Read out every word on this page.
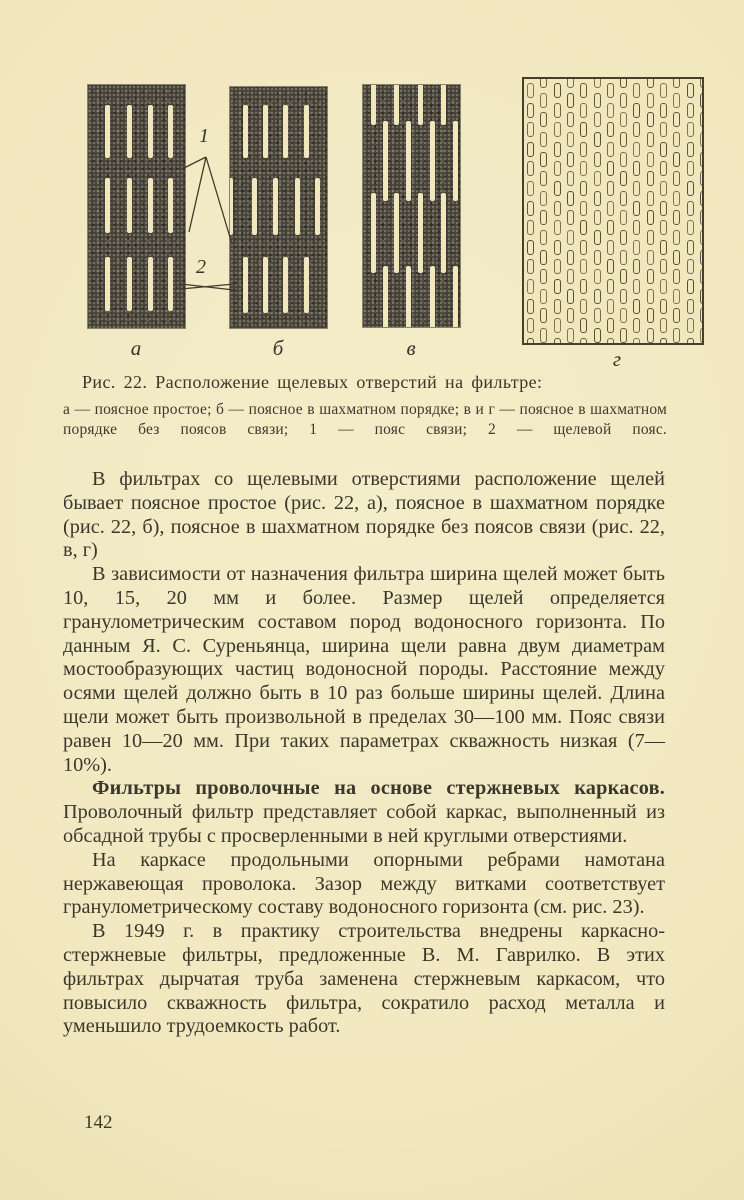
1
2
а	б	в	г
Рис. 22. Расположение щелевых отверстий на фильтре:
а — поясное простое; б — поясное в шахматном порядке; в и г — поясное в шахматном порядке без поясов связи; 1 — пояс связи; 2 — щелевой пояс.

В фильтрах со щелевыми отверстиями расположение щелей бывает поясное простое (рис. 22, а), поясное в шахматном порядке (рис. 22, б), поясное в шахматном порядке без поясов связи (рис. 22, в, г)

В зависимости от назначения фильтра ширина щелей может быть 10, 15, 20 мм и более. Размер щелей определяется гранулометрическим составом пород водоносного горизонта. По данным Я. С. Суреньянца, ширина щели равна двум диаметрам мостообразующих частиц водоносной породы. Расстояние между осями щелей должно быть в 10 раз больше ширины щелей. Длина щели может быть произвольной в пределах 30—100 мм. Пояс связи равен 10—20 мм. При таких параметрах скважность низкая (7—10%).

Фильтры проволочные на основе стержневых каркасов. Проволочный фильтр представляет собой каркас, выполненный из обсадной трубы с просверленными в ней круглыми отверстиями.

На каркасе продольными опорными ребрами намотана нержавеющая проволока. Зазор между витками соответствует гранулометрическому составу водоносного горизонта (см. рис. 23).

В 1949 г. в практику строительства внедрены каркасно-стержневые фильтры, предложенные В. М. Гаврилко. В этих фильтрах дырчатая труба заменена стержневым каркасом, что повысило скважность фильтра, сократило расход металла и уменьшило трудоемкость работ.

142
